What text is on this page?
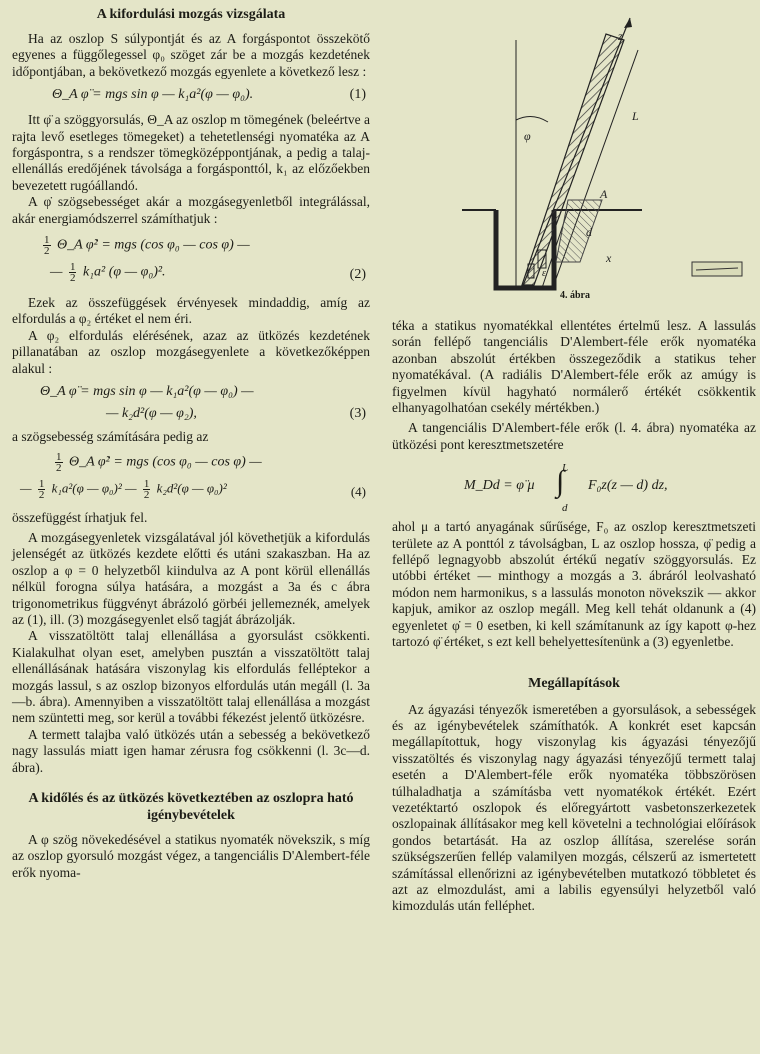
A kifordulási mozgás vizsgálata

Ha az oszlop S súlypontját és az A forgáspontot összekötő egyenes a függőlegessel φ₀ szöget zár be a mozgás kezdetének időpontjában, a bekövetkező mozgás egyenlete a következő lesz :

Θ_A φ̈ = mgs sin φ — k₁a²(φ — φ₀).	(1)

Itt φ̈ a szöggyorsulás, Θ_A az oszlop m tömegének (beleértve a rajta levő esetleges tömegeket) a tehetetlenségi nyomatéka az A forgáspontra, s a rendszer tömegközéppontjának, a pedig a talaj-ellenállás eredőjének távolsága a forgásponttól, k₁ az előzőekben bevezetett rugóállandó.

A φ̇ szögsebességet akár a mozgásegyenletből integrálással, akár energiamódszerrel számíthatjuk :

$\frac{1}{2}$ Θ_A φ̇² = mgs (cos φ₀ — cos φ) —
— $\frac{1}{2} k_1a^2$ (φ — φ₀)².	(2)

Ezek az összefüggések érvényesek mindaddig, amíg az elfordulás a φ₂ értéket el nem éri.

A φ₂ elfordulás elérésének, azaz az ütközés kezdetének pillanatában az oszlop mozgásegyenlete a következőképpen alakul :

Θ_A φ̈ = mgs sin φ — k₁a²(φ — φ₀) —
— k₂d²(φ — φ₂),	(3)

a szögsebesség számítására pedig az

$\frac{1}{2}$ Θ_A φ̇² = mgs (cos φ₀ — cos φ) —
— $\frac{1}{2} k_1a^2(\varphi$ — φ₀)² — $\frac{1}{2} k_2d^2(\varphi$ — φ₀)²	(4)

összefüggést írhatjuk fel.

A mozgásegyenletek vizsgálatával jól követhetjük a kifordulás jelenségét az ütközés kezdete előtti és utáni szakaszban. Ha az oszlop a φ = 0 helyzetből kiindulva az A pont körül ellenállás nélkül forogna súlya hatására, a mozgást a 3a és c ábra trigonometrikus függvényt ábrázoló görbéi jellemeznék, amelyek az (1), ill. (3) mozgásegyenlet első tagját ábrázolják.

A visszatöltött talaj ellenállása a gyorsulást csökkenti. Kialakulhat olyan eset, amelyben pusztán a visszatöltött talaj ellenállásának hatására viszonylag kis elfordulás felléptekor a mozgás lassul, s az oszlop bizonyos elfordulás után megáll (l. 3a—b. ábra). Amennyiben a visszatöltött talaj ellenállása a mozgást nem szüntetti meg, sor kerül a további fékezést jelentő ütközésre.

A termett talajba való ütközés után a sebesség a bekövetkező nagy lassulás miatt igen hamar zérusra fog csökkenni (l. 3c—d. ábra).

A kidőlés és az ütközés következtében az oszlopra ható igénybevételek

A φ szög növekedésével a statikus nyomaték növekszik, s míg az oszlop gyorsuló mozgást végez, a tangenciális D'Alembert-féle erők nyoma-

z
L
A
d
x
φ
ε
4. ábra

téka a statikus nyomatékkal ellentétes értelmű lesz. A lassulás során fellépő tangenciális D'Alembert-féle erők nyomatéka azonban abszolút értékben összegeződik a statikus teher nyomatékával. (A radiális D'Alembert-féle erők az amúgy is figyelmen kívül hagyható normálerő értékét csökkentik elhanyagolhatóan csekély mértékben.)

A tangenciális D'Alembert-féle erők (l. 4. ábra) nyomatéka az ütközési pont keresztmetszetére

M_Dd = φ̈ μ
L
∫
d
F₀z(z — d) dz,

ahol μ a tartó anyagának sűrűsége, F₀ az oszlop keresztmetszeti területe az A ponttól z távolságban, L az oszlop hossza, φ̈ pedig a fellépő legnagyobb abszolút értékű negatív szöggyorsulás. Ez utóbbi értéket — minthogy a mozgás a 3. ábráról leolvasható módon nem harmonikus, s a lassulás monoton növekszik — akkor kapjuk, amikor az oszlop megáll. Meg kell tehát oldanunk a (4) egyenletet φ̇ = 0 esetben, ki kell számítanunk az így kapott φ-hez tartozó φ̈ értéket, s ezt kell behelyettesítenünk a (3) egyenletbe.

Megállapítások

Az ágyazási tényezők ismeretében a gyorsulások, a sebességek és az igénybevételek számíthatók. A konkrét eset kapcsán megállapítottuk, hogy viszonylag kis ágyazási tényezőjű visszatöltés és viszonylag nagy ágyazási tényezőjű termett talaj esetén a D'Alembert-féle erők nyomatéka többszörösen túlhaladhatja a számításba vett nyomatékok értékét. Ezért vezetéktartó oszlopok és előregyártott vasbetonszerkezetek oszlopainak állításakor meg kell követelni a technológiai előírások gondos betartását. Ha az oszlop állítása, szerelése során szükségszerűen fellép valamilyen mozgás, célszerű az ismertetett számítással ellenőrizni az igénybevételben mutatkozó többletet és azt az elmozdulást, ami a labilis egyensúlyi helyzetből való kimozdulás után felléphet.
